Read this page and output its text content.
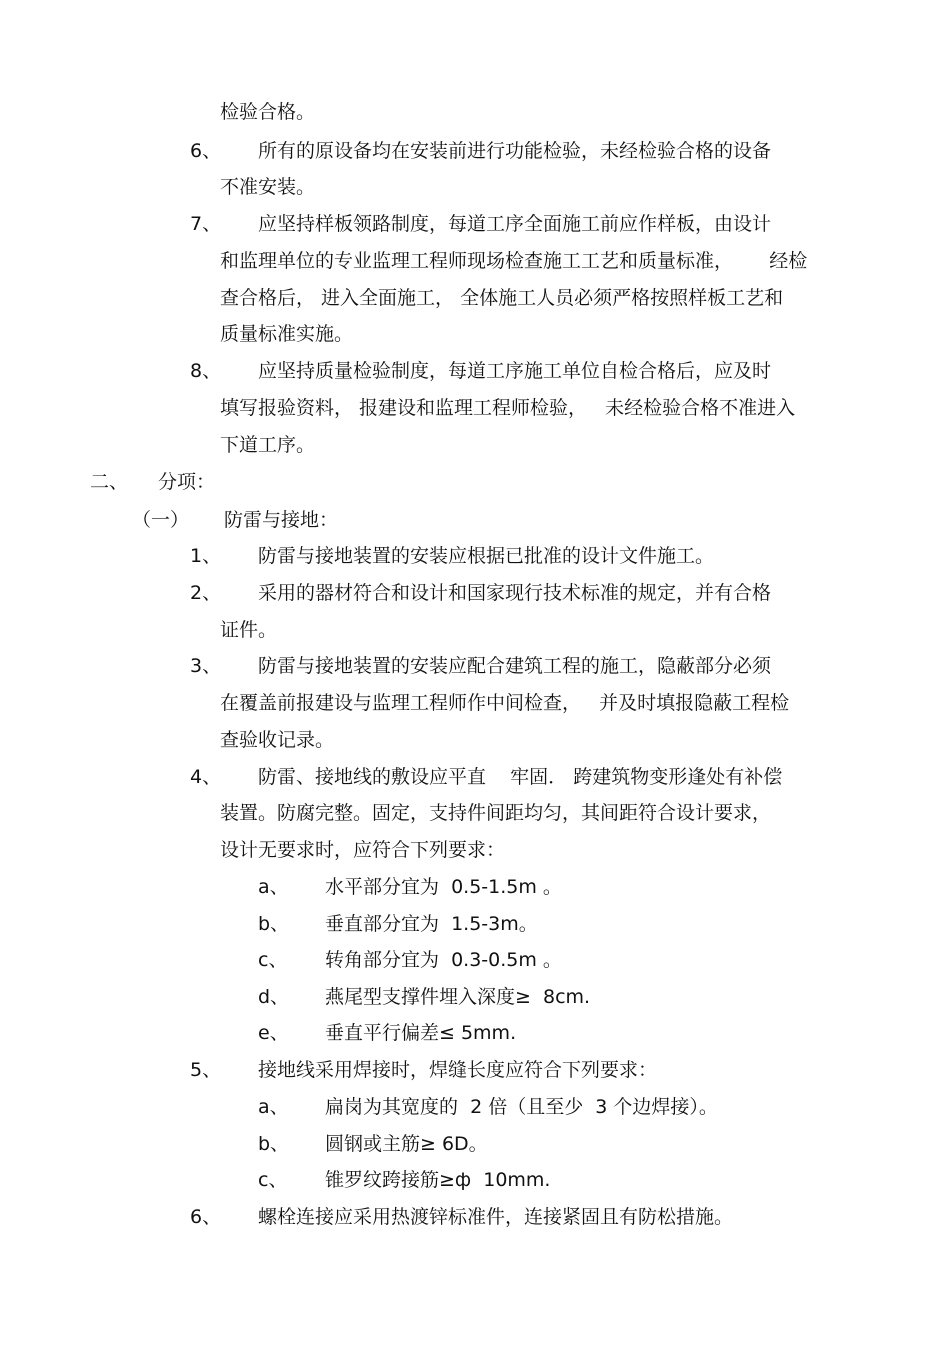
检验合格。
6、 所有的原设备均在安装前进行功能检验，未经检验合格的设备
不准安装。
7、 应坚持样板领路制度，每道工序全面施工前应作样板，由设计
和监理单位的专业监理工程师现场检查施工工艺和质量标准，      经检
查合格后， 进入全面施工， 全体施工人员必须严格按照样板工艺和
质量标准实施。
8、 应坚持质量检验制度，每道工序施工单位自检合格后，应及时
填写报验资料， 报建设和监理工程师检验，   未经检验合格不准进入
下道工序。
二、 分项：
（一） 防雷与接地：
1、 防雷与接地装置的安装应根据已批准的设计文件施工。
2、 采用的器材符合和设计和国家现行技术标准的规定，并有合格
证件。
3、 防雷与接地装置的安装应配合建筑工程的施工，隐蔽部分必须
在覆盖前报建设与监理工程师作中间检查，   并及时填报隐蔽工程检
查验收记录。
4、 防雷、接地线的敷设应平直    牢固． 跨建筑物变形逢处有补偿
装置。防腐完整。固定，支持件间距均匀，其间距符合设计要求，
设计无要求时，应符合下列要求：
a、 水平部分宜为  0.5-1.5m 。
b、 垂直部分宜为  1.5-3m。
c、 转角部分宜为  0.3-0.5m 。
d、 燕尾型支撑件埋入深度≥  8cm.
e、 垂直平行偏差≤ 5mm.
5、 接地线采用焊接时，焊缝长度应符合下列要求：
a、 扁岗为其宽度的  2 倍（且至少  3 个边焊接）。
b、 圆钢或主筋≥ 6D。
c、 锥罗纹跨接筋≥ф  10mm.
6、 螺栓连接应采用热渡锌标准件，连接紧固且有防松措施。
